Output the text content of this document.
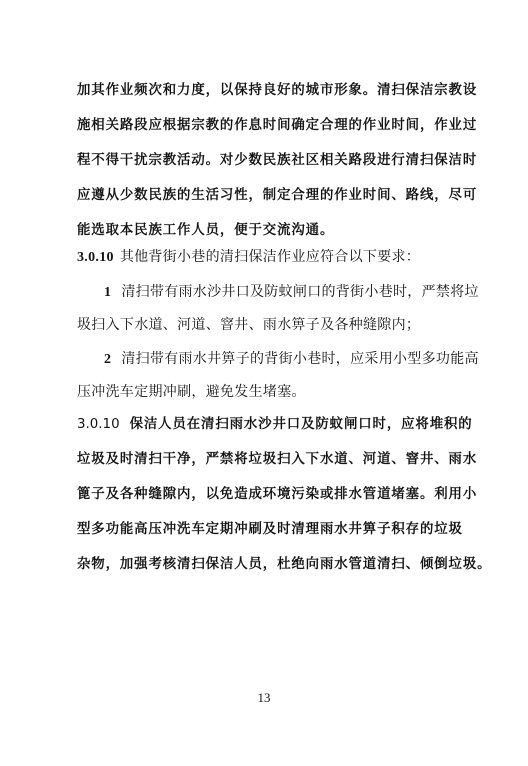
加其作业频次和力度，以保持良好的城市形象。清扫保洁宗教设
施相关路段应根据宗教的作息时间确定合理的作业时间，作业过
程不得干扰宗教活动。对少数民族社区相关路段进行清扫保洁时
应遵从少数民族的生活习性，制定合理的作业时间、路线，尽可
能选取本民族工作人员，便于交流沟通。
3.0.10 其他背街小巷的清扫保洁作业应符合以下要求：
1 清扫带有雨水沙井口及防蚊闸口的背街小巷时，严禁将垃
圾扫入下水道、河道、窨井、雨水箅子及各种缝隙内；
2 清扫带有雨水井箅子的背街小巷时，应采用小型多功能高
压冲洗车定期冲刷，避免发生堵塞。
3.0.10 保洁人员在清扫雨水沙井口及防蚊闸口时，应将堆积的
垃圾及时清扫干净，严禁将垃圾扫入下水道、河道、窨井、雨水
篦子及各种缝隙内，以免造成环境污染或排水管道堵塞。利用小
型多功能高压冲洗车定期冲刷及时清理雨水井箅子积存的垃圾
杂物，加强考核清扫保洁人员，杜绝向雨水管道清扫、倾倒垃圾。
13
